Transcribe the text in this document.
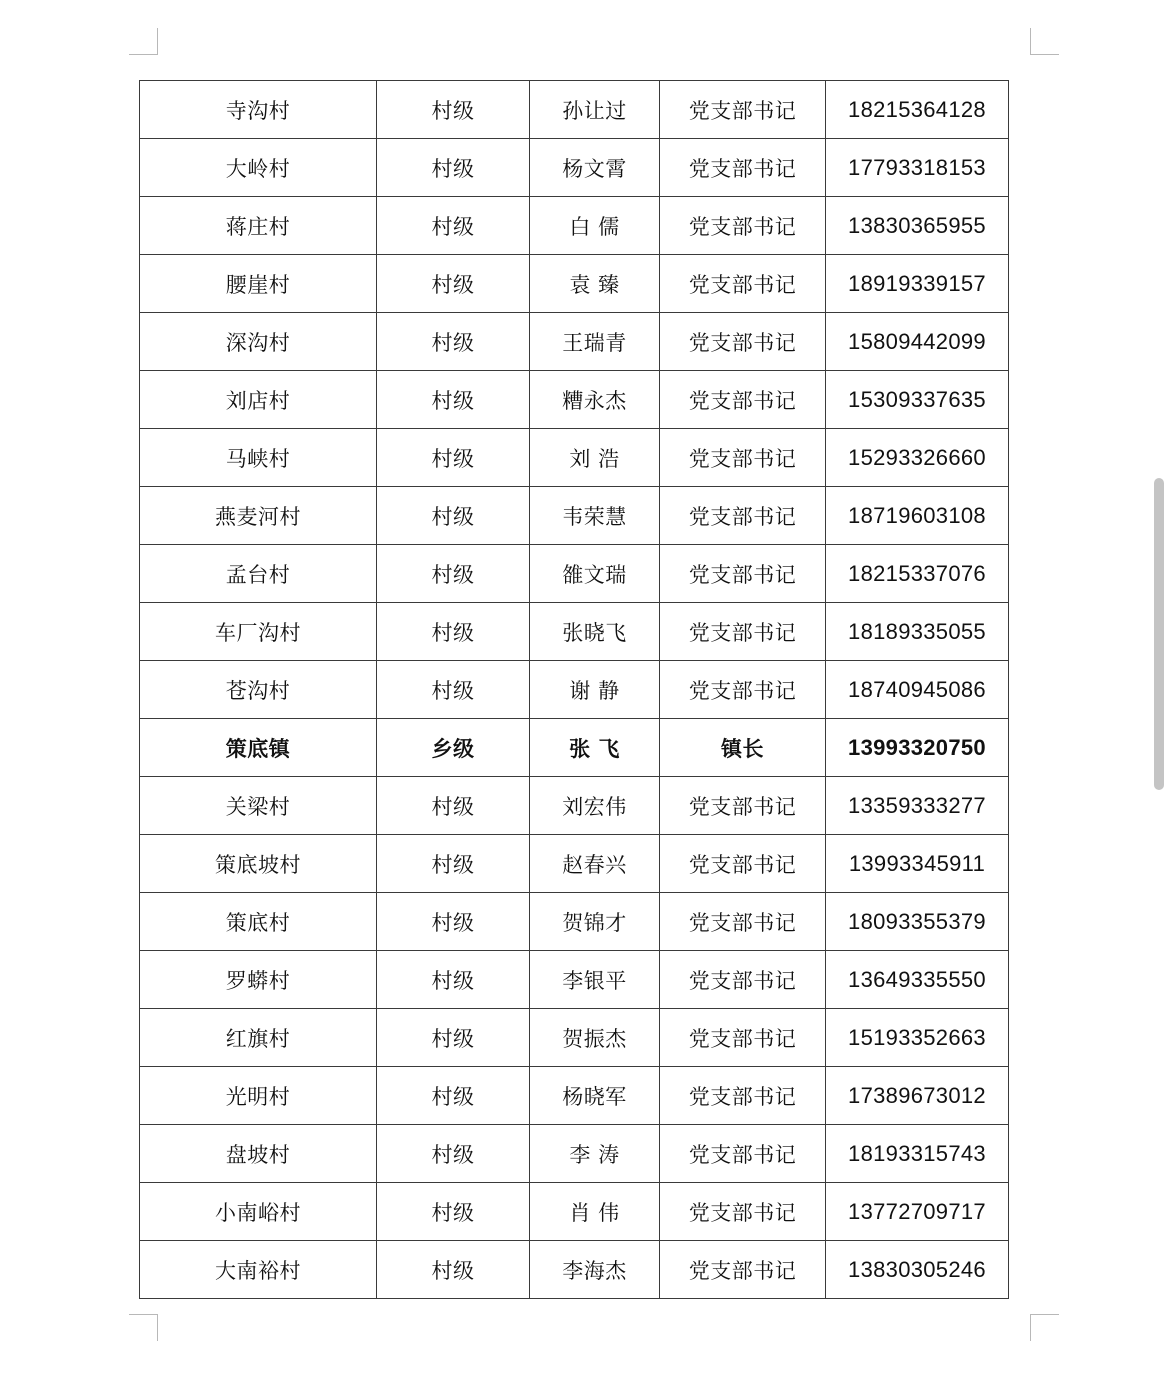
寺沟村	村级	孙让过	党支部书记	18215364128
大岭村	村级	杨文霄	党支部书记	17793318153
蒋庄村	村级	白 儒	党支部书记	13830365955
腰崖村	村级	袁 臻	党支部书记	18919339157
深沟村	村级	王瑞青	党支部书记	15809442099
刘店村	村级	糟永杰	党支部书记	15309337635
马峡村	村级	刘 浩	党支部书记	15293326660
燕麦河村	村级	韦荣慧	党支部书记	18719603108
孟台村	村级	雒文瑞	党支部书记	18215337076
车厂沟村	村级	张晓飞	党支部书记	18189335055
苍沟村	村级	谢 静	党支部书记	18740945086
策底镇	乡级	张 飞	镇长	13993320750
关梁村	村级	刘宏伟	党支部书记	13359333277
策底坡村	村级	赵春兴	党支部书记	13993345911
策底村	村级	贺锦才	党支部书记	18093355379
罗蟒村	村级	李银平	党支部书记	13649335550
红旗村	村级	贺振杰	党支部书记	15193352663
光明村	村级	杨晓军	党支部书记	17389673012
盘坡村	村级	李 涛	党支部书记	18193315743
小南峪村	村级	肖 伟	党支部书记	13772709717
大南裕村	村级	李海杰	党支部书记	13830305246
